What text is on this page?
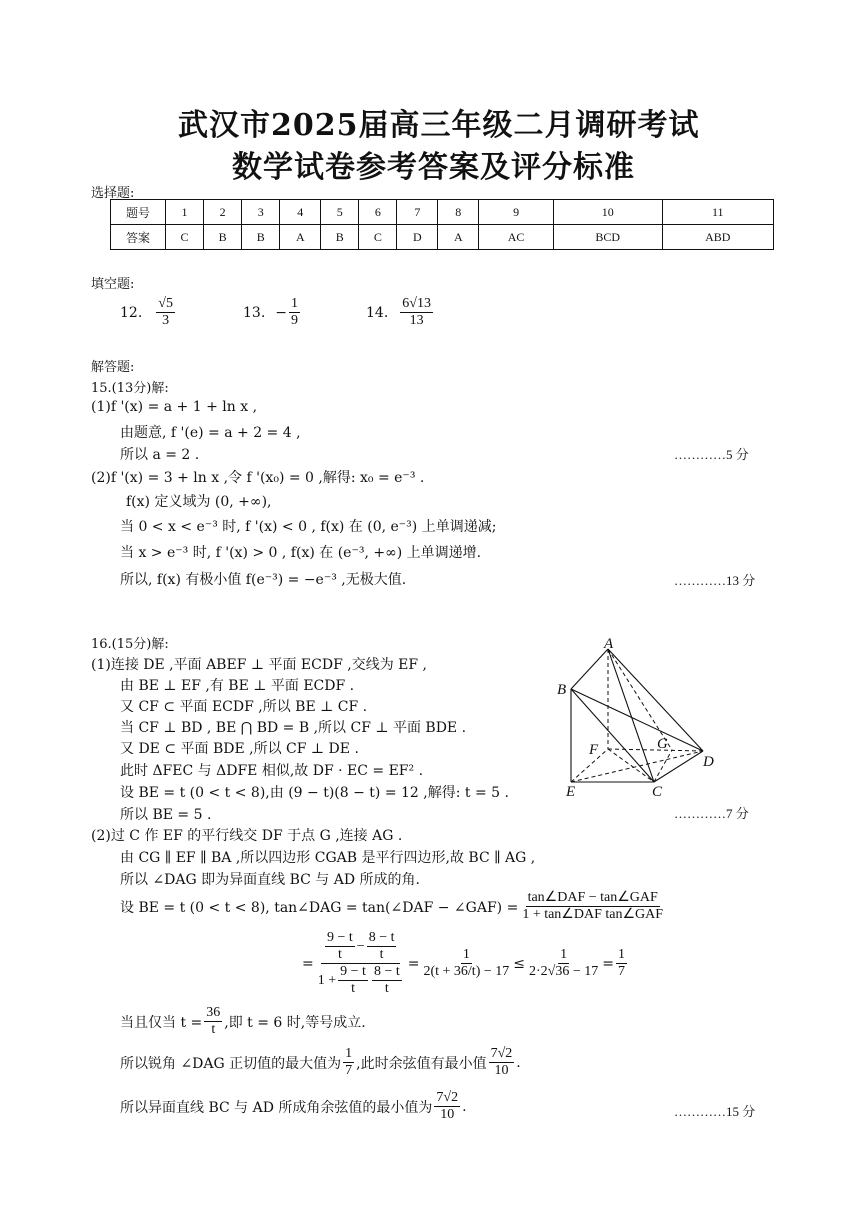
武汉市2025届高三年级二月调研考试
数学试卷参考答案及评分标准
选择题:
题号	1	2	3	4	5	6	7	8	9	10	11
答案	C	B	B	A	B	C	D	A	AC	BCD	ABD
填空题:
12. $\frac{√5}{3}$	13. − $\frac{1}{9}$	14. $\frac{6√13}{13}$
解答题:
15.(13分)解:
(1)f '(x) = a + 1 + ln x ,
由题意, f '(e) = a + 2 = 4 ,
所以 a = 2 .	…………5 分
(2)f '(x) = 3 + ln x ,令 f '(x₀) = 0 ,解得: x₀ = e⁻³ .
f(x) 定义域为 (0, +∞),
当 0 < x < e⁻³ 时, f '(x) < 0 , f(x) 在 (0, e⁻³) 上单调递减;
当 x > e⁻³ 时, f '(x) > 0 , f(x) 在 (e⁻³, +∞) 上单调递增.
所以, f(x) 有极小值 f(e⁻³) = −e⁻³ ,无极大值.	…………13 分
16.(15分)解:
(1)连接 DE ,平面 ABEF ⊥ 平面 ECDF ,交线为 EF ,
由 BE ⊥ EF ,有 BE ⊥ 平面 ECDF .
又 CF ⊂ 平面 ECDF ,所以 BE ⊥ CF .
当 CF ⊥ BD , BE ⋂ BD = B ,所以 CF ⊥ 平面 BDE .
又 DE ⊂ 平面 BDE ,所以 CF ⊥ DE .
此时 ΔFEC 与 ΔDFE 相似,故 DF · EC = EF² .
设 BE = t (0 < t < 8),由 (9 − t)(8 − t) = 12 ,解得: t = 5 .
所以 BE = 5 .	…………7 分
A
B
F	G
D
E	C
(2)过 C 作 EF 的平行线交 DF 于点 G ,连接 AG .
由 CG ∥ EF ∥ BA ,所以四边形 CGAB 是平行四边形,故 BC ∥ AG ,
所以 ∠DAG 即为异面直线 BC 与 AD 所成的角.
设 BE = t (0 < t < 8), tan∠DAG = tan(∠DAF − ∠GAF) = $\frac{\text{tan∠DAF − tan∠GAF}}{\text{1 + tan∠DAF tan∠GAF}}$
=
$\frac{9 - t}{t} - \frac{8 - t}{t}$
$1 + \frac{9 - t}{t} \frac{8 - t}{t}$
= $\frac{1}{2(t + 36/t) - 17} \le \frac{1}{2\cdot 2√36 - 17} = \frac{1}{7}$
当且仅当 $t = \frac{36}{t}$ ,即 t = 6 时,等号成立.
所以锐角 ∠DAG 正切值的最大值为 $\frac{1}{7}$ ,此时余弦值有最小值 $\frac{7√2}{10}$ .
所以异面直线 BC 与 AD 所成角余弦值的最小值为 $\frac{7√2}{10}$ .	…………15 分
